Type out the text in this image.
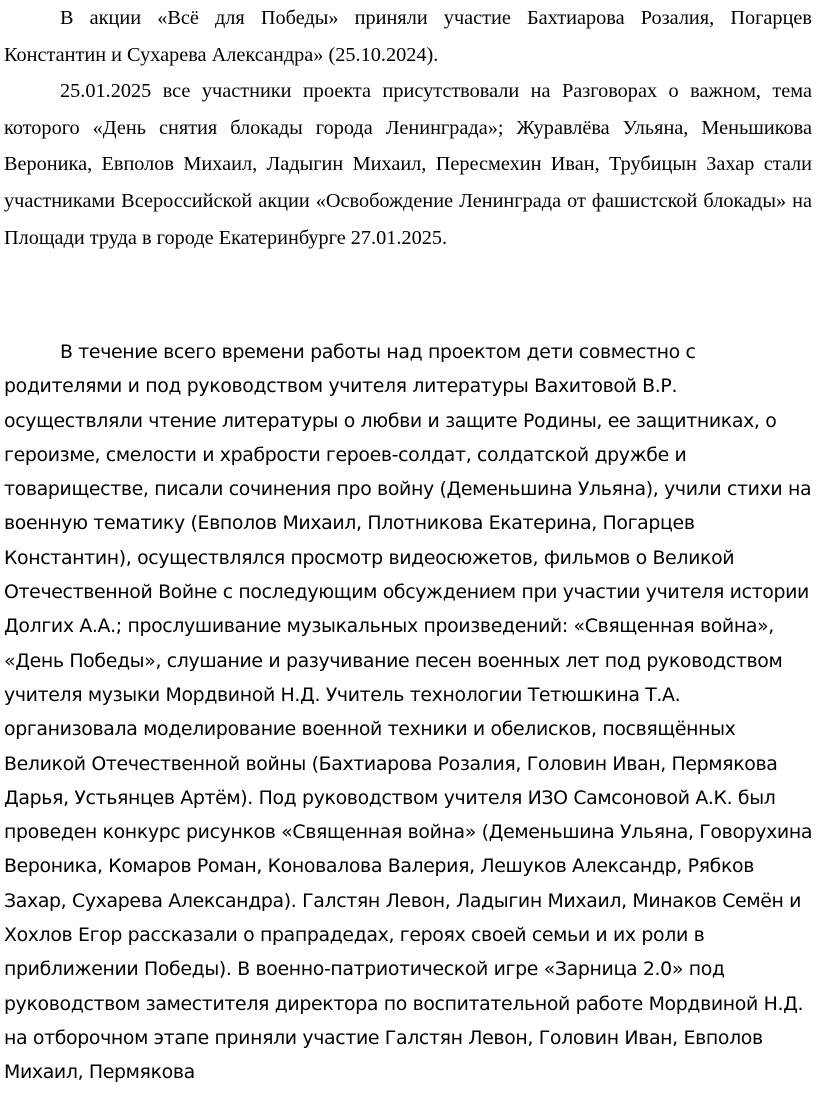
В акции «Всё для Победы» приняли участие Бахтиарова Розалия, Погарцев Константин и Сухарева Александра» (25.10.2024).

25.01.2025 все участники проекта присутствовали на Разговорах о важном, тема которого «День снятия блокады города Ленинграда»; Журавлёва Ульяна, Меньшикова Вероника, Евполов Михаил, Ладыгин Михаил, Пересмехин Иван, Трубицын Захар стали участниками Всероссийской акции «Освобождение Ленинграда от фашистской блокады» на Площади труда в городе Екатеринбурге 27.01.2025.

В течение всего времени работы над проектом дети совместно с родителями и под руководством учителя литературы Вахитовой В.Р. осуществляли чтение литературы о любви и защите Родины, ее защитниках, о героизме, смелости и храбрости героев-солдат, солдатской дружбе и товариществе, писали сочинения про войну (Деменьшина Ульяна), учили стихи на военную тематику (Евполов Михаил, Плотникова Екатерина, Погарцев Константин), осуществлялся просмотр видеосюжетов, фильмов о Великой Отечественной Войне с последующим обсуждением при участии учителя истории Долгих А.А.; прослушивание музыкальных произведений: «Священная война», «День Победы», слушание и разучивание песен военных лет под руководством учителя музыки Мордвиной Н.Д. Учитель технологии Тетюшкина Т.А. организовала моделирование военной техники и обелисков, посвящённых Великой Отечественной войны (Бахтиарова Розалия, Головин Иван, Пермякова Дарья, Устьянцев Артём). Под руководством учителя ИЗО Самсоновой А.К. был проведен конкурс рисунков «Священная война» (Деменьшина Ульяна, Говорухина Вероника, Комаров Роман, Коновалова Валерия, Лешуков Александр, Рябков Захар, Сухарева Александра). Галстян Левон, Ладыгин Михаил, Минаков Семён и Хохлов Егор рассказали о прапрадедах, героях своей семьи и их роли в приближении Победы). В военно-патриотической игре «Зарница 2.0» под руководством заместителя директора по воспитательной работе Мордвиной Н.Д. на отборочном этапе приняли участие Галстян Левон, Головин Иван, Евполов Михаил, Пермякова
